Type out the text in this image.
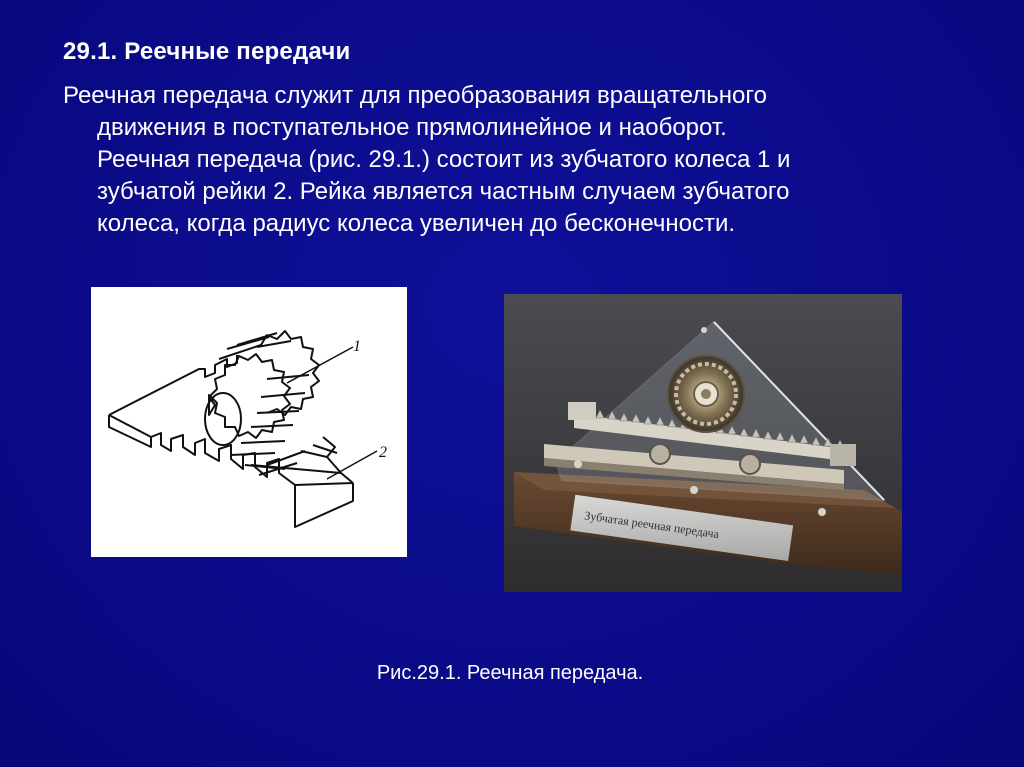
29.1. Реечные передачи
Реечная передача служит для преобразования вращательного
движения в поступательное прямолинейное и наоборот.
Реечная передача (рис. 29.1.) состоит из зубчатого колеса 1 и
зубчатой рейки 2. Рейка является частным случаем зубчатого
колеса, когда радиус колеса увеличен до бесконечности.
1
2
Зубчатая реечная передача
Рис.29.1. Реечная передача.
